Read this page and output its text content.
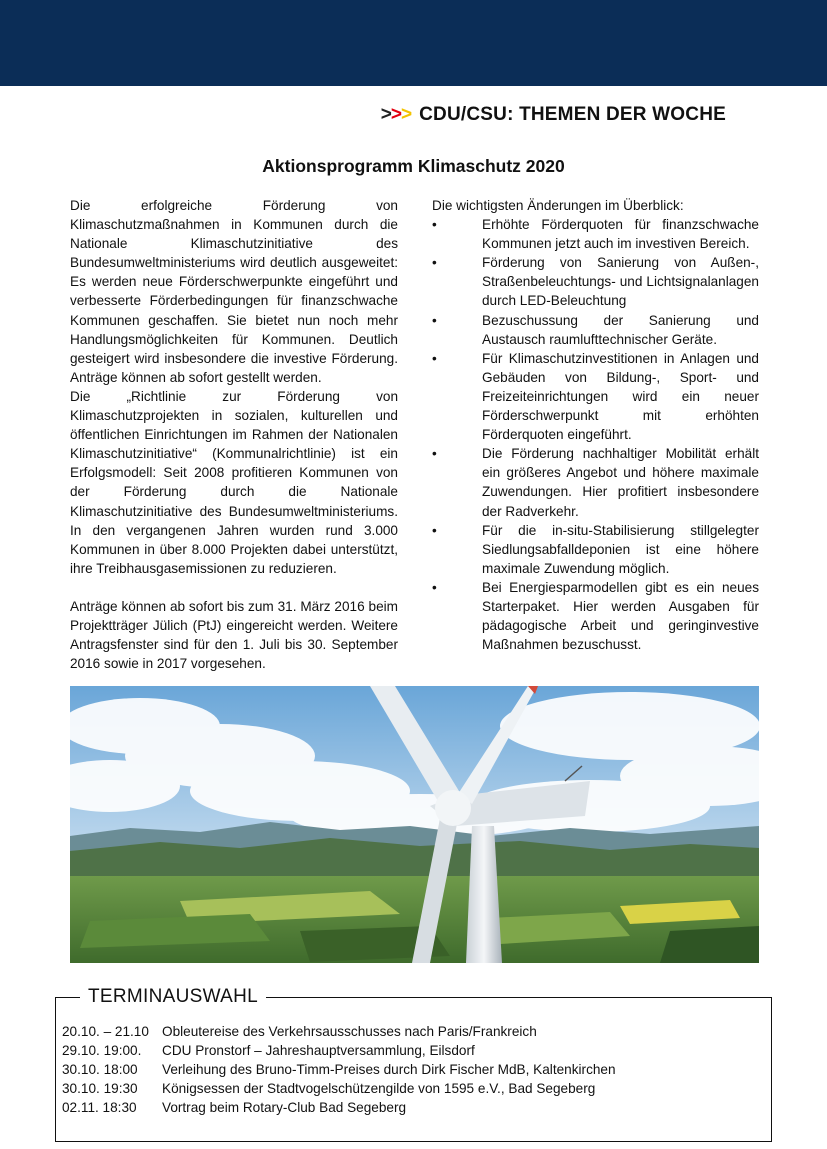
>>> CDU/CSU: THEMEN DER WOCHE
Aktionsprogramm Klimaschutz 2020

Die erfolgreiche Förderung von Klimaschutzmaßnahmen in Kommunen durch die Nationale Klimaschutzinitiative des Bundesumweltministeriums wird deutlich ausgeweitet: Es werden neue Förderschwerpunkte eingeführt und verbesserte Förderbedingungen für finanzschwache Kommunen geschaffen. Sie bietet nun noch mehr Handlungsmöglichkeiten für Kommunen. Deutlich gesteigert wird insbesondere die investive Förderung. Anträge können ab sofort gestellt werden.

Die „Richtlinie zur Förderung von Klimaschutzprojekten in sozialen, kulturellen und öffentlichen Einrichtungen im Rahmen der Nationalen Klimaschutzinitiative“ (Kommunalrichtlinie) ist ein Erfolgsmodell: Seit 2008 profitieren Kommunen von der Förderung durch die Nationale Klimaschutzinitiative des Bundesumweltministeriums. In den vergangenen Jahren wurden rund 3.000 Kommunen in über 8.000 Projekten dabei unterstützt, ihre Treibhausgasemissionen zu reduzieren.

Anträge können ab sofort bis zum 31. März 2016 beim Projektträger Jülich (PtJ) eingereicht werden. Weitere Antragsfenster sind für den 1. Juli bis 30. September 2016 sowie in 2017 vorgesehen.

Die wichtigsten Änderungen im Überblick:

•	Erhöhte Förderquoten für finanzschwache Kommunen jetzt auch im investiven Bereich.
•	Förderung von Sanierung von Außen-, Straßenbeleuchtungs- und Lichtsignalanlagen durch LED-Beleuchtung
•	Bezuschussung der Sanierung und Austausch raumlufttechnischer Geräte.
•	Für Klimaschutzinvestitionen in Anlagen und Gebäuden von Bildung-, Sport- und Freizeiteinrichtungen wird ein neuer Förderschwerpunkt mit erhöhten Förderquoten eingeführt.
•	Die Förderung nachhaltiger Mobilität erhält ein größeres Angebot und höhere maximale Zuwendungen. Hier profitiert insbesondere der Radverkehr.
•	Für die in-situ-Stabilisierung stillgelegter Siedlungsabfalldeponien ist eine höhere maximale Zuwendung möglich.
•	Bei Energiesparmodellen gibt es ein neues Starterpaket. Hier werden Ausgaben für pädagogische Arbeit und geringinvestive Maßnahmen bezuschusst.
TERMINAUSWAHL
20.10. – 21.10 Obleutereise des Verkehrsausschusses nach Paris/Frankreich
29.10. 19:00.	CDU Pronstorf – Jahreshauptversammlung, Eilsdorf
30.10. 18:00	Verleihung des Bruno-Timm-Preises durch Dirk Fischer MdB, Kaltenkirchen
30.10. 19:30	Königsessen der Stadtvogelschützengilde von 1595 e.V., Bad Segeberg
02.11. 18:30	Vortrag beim Rotary-Club Bad Segeberg
